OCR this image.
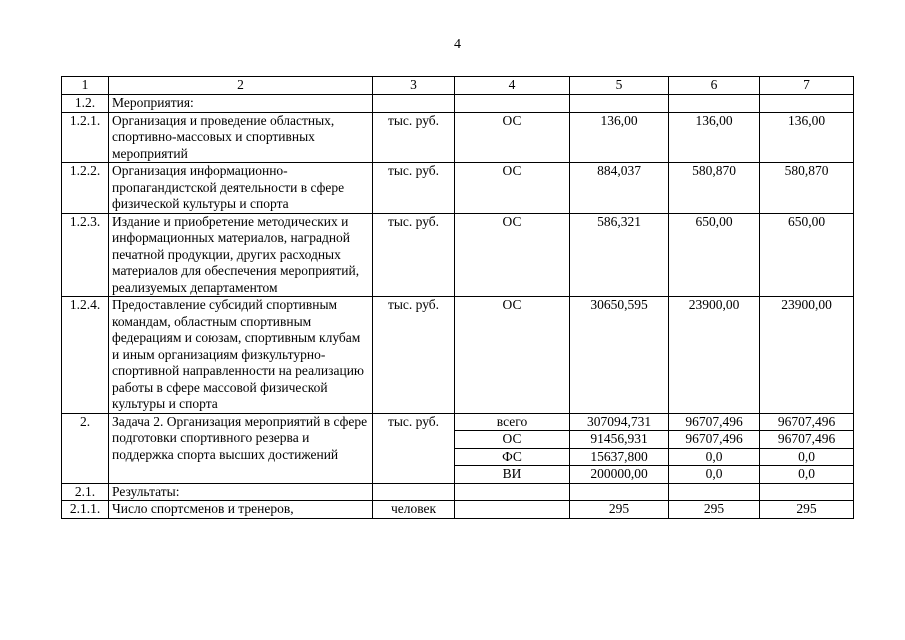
4
1	2	3	4	5	6	7
1.2.	Мероприятия:					
1.2.1.	Организация и проведение областных, спортивно-массовых и спортивных мероприятий	тыс. руб.	ОС	136,00	136,00	136,00
1.2.2.	Организация информационно-пропагандистской деятельности в сфере физической культуры и спорта	тыс. руб.	ОС	884,037	580,870	580,870
1.2.3.	Издание и приобретение методических и информационных материалов, наградной печатной продукции, других расходных материалов для обеспечения мероприятий, реализуемых департаментом	тыс. руб.	ОС	586,321	650,00	650,00
1.2.4.	Предоставление субсидий спортивным командам, областным спортивным федерациям и союзам, спортивным клубам и иным организациям физкультурно-спортивной направленности на реализацию работы в сфере массовой физической культуры и спорта	тыс. руб.	ОС	30650,595	23900,00	23900,00
2.	Задача 2. Организация мероприятий в сфере подготовки спортивного резерва и поддержка спорта высших достижений	тыс. руб.	всего	307094,731	96707,496	96707,496
			ОС	91456,931	96707,496	96707,496
			ФС	15637,800	0,0	0,0
			ВИ	200000,00	0,0	0,0
2.1.	Результаты:					
2.1.1.	Число спортсменов и тренеров,	человек		295	295	295
